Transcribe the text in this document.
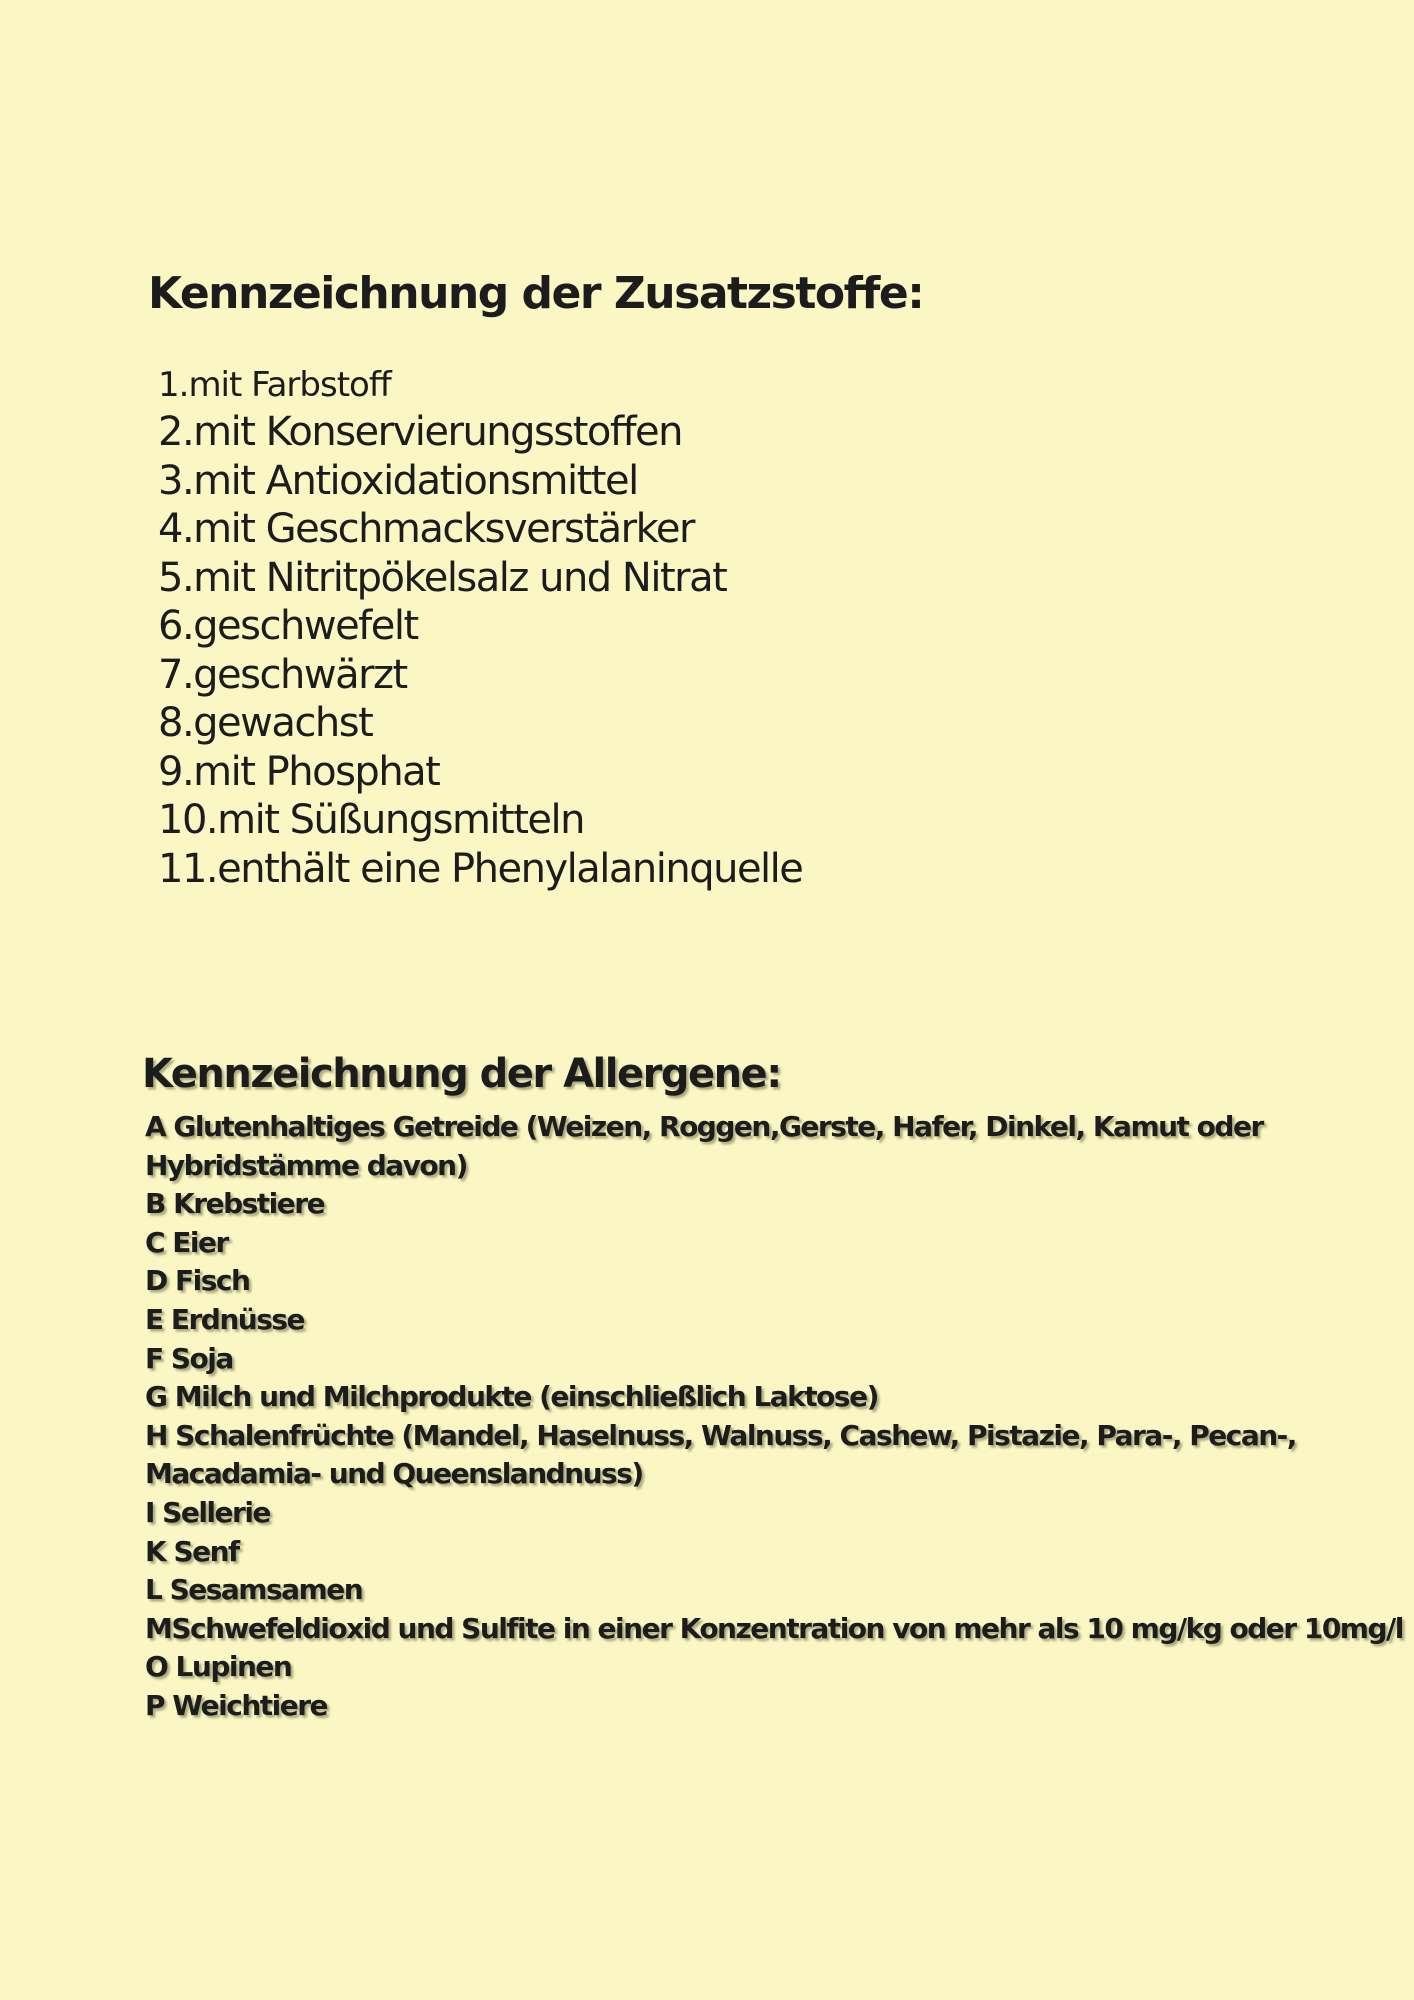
Kennzeichnung der Zusatzstoffe:
1.mit Farbstoff
2.mit Konservierungsstoffen
3.mit Antioxidationsmittel
4.mit Geschmacksverstärker
5.mit Nitritpökelsalz und Nitrat
6.geschwefelt
7.geschwärzt
8.gewachst
9.mit Phosphat
10.mit Süßungsmitteln
11.enthält eine Phenylalaninquelle
Kennzeichnung der Allergene:
A Glutenhaltiges Getreide (Weizen, Roggen,Gerste, Hafer, Dinkel, Kamut oder
Hybridstämme davon)
B Krebstiere
C Eier
D Fisch
E Erdnüsse
F Soja
G Milch und Milchprodukte (einschließlich Laktose)
H Schalenfrüchte (Mandel, Haselnuss, Walnuss, Cashew, Pistazie, Para-, Pecan-,
Macadamia- und Queenslandnuss)
I Sellerie
K Senf
L Sesamsamen
MSchwefeldioxid und Sulfite in einer Konzentration von mehr als 10 mg/kg oder 10mg/l
O Lupinen
P Weichtiere
